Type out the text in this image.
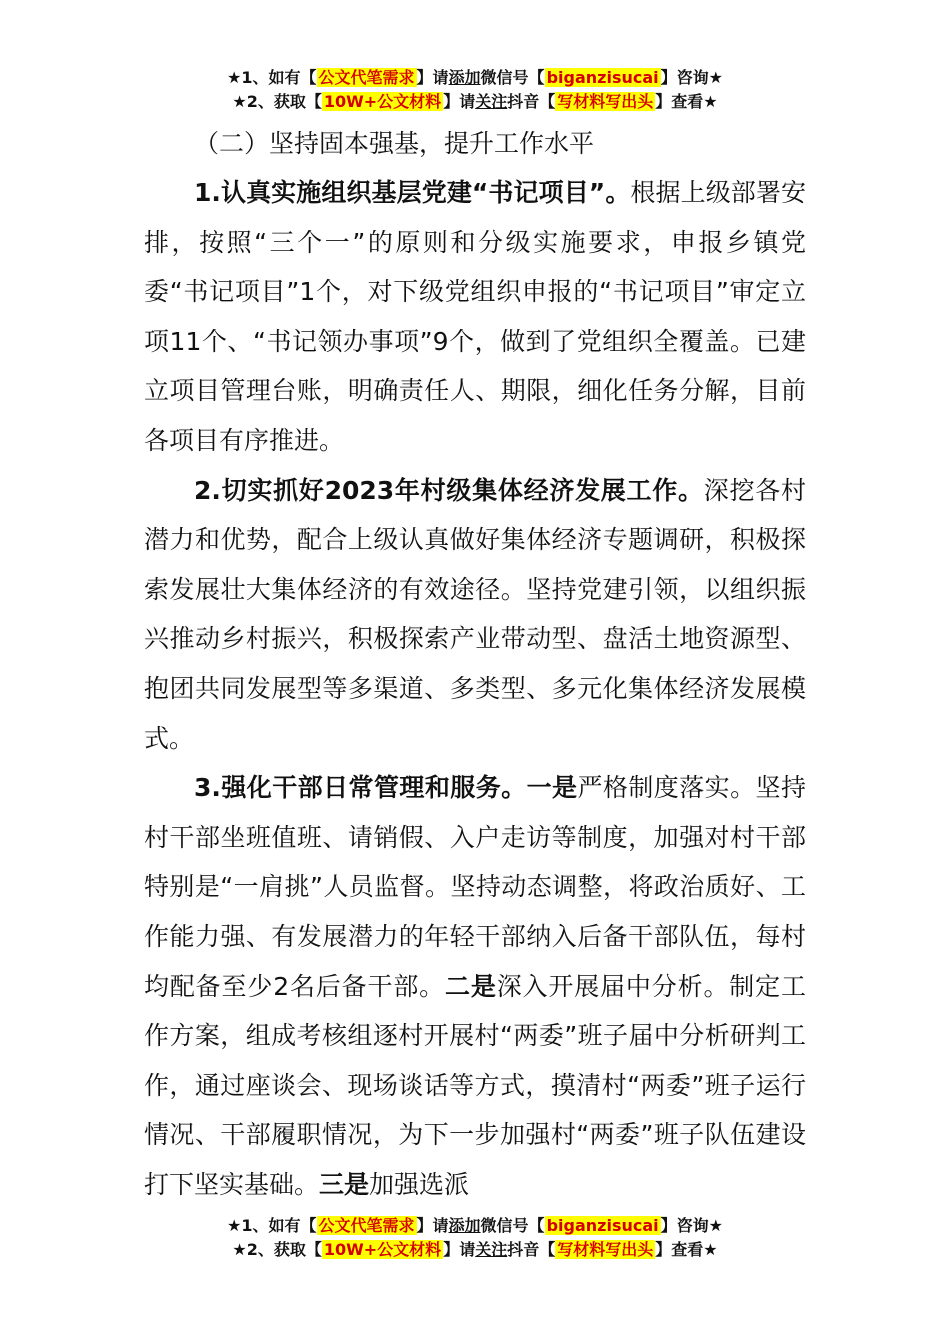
★1、如有【 公文代笔需求 】请添加微信号【 biganzisucai 】咨询★
★2、获取【 10W+公文材料 】请关注抖音【 写材料写出头 】查看★

（二）坚持固本强基，提升工作水平

1.认真实施组织基层党建“书记项目”。根据上级部署安排，按照“三个一”的原则和分级实施要求，申报乡镇党委“书记项目”1个，对下级党组织申报的“书记项目”审定立项11个、“书记领办事项”9个，做到了党组织全覆盖。已建立项目管理台账，明确责任人、期限，细化任务分解，目前各项目有序推进。

2.切实抓好2023年村级集体经济发展工作。深挖各村潜力和优势，配合上级认真做好集体经济专题调研，积极探索发展壮大集体经济的有效途径。坚持党建引领，以组织振兴推动乡村振兴，积极探索产业带动型、盘活土地资源型、抱团共同发展型等多渠道、多类型、多元化集体经济发展模式。

3.强化干部日常管理和服务。一是严格制度落实。坚持村干部坐班值班、请销假、入户走访等制度，加强对村干部特别是“一肩挑”人员监督。坚持动态调整，将政治质好、工作能力强、有发展潜力的年轻干部纳入后备干部队伍，每村均配备至少2名后备干部。二是深入开展届中分析。制定工作方案，组成考核组逐村开展村“两委”班子届中分析研判工作，通过座谈会、现场谈话等方式，摸清村“两委”班子运行情况、干部履职情况，为下一步加强村“两委”班子队伍建设打下坚实基础。三是加强选派

★1、如有【 公文代笔需求 】请添加微信号【 biganzisucai 】咨询★
★2、获取【 10W+公文材料 】请关注抖音【 写材料写出头 】查看★
